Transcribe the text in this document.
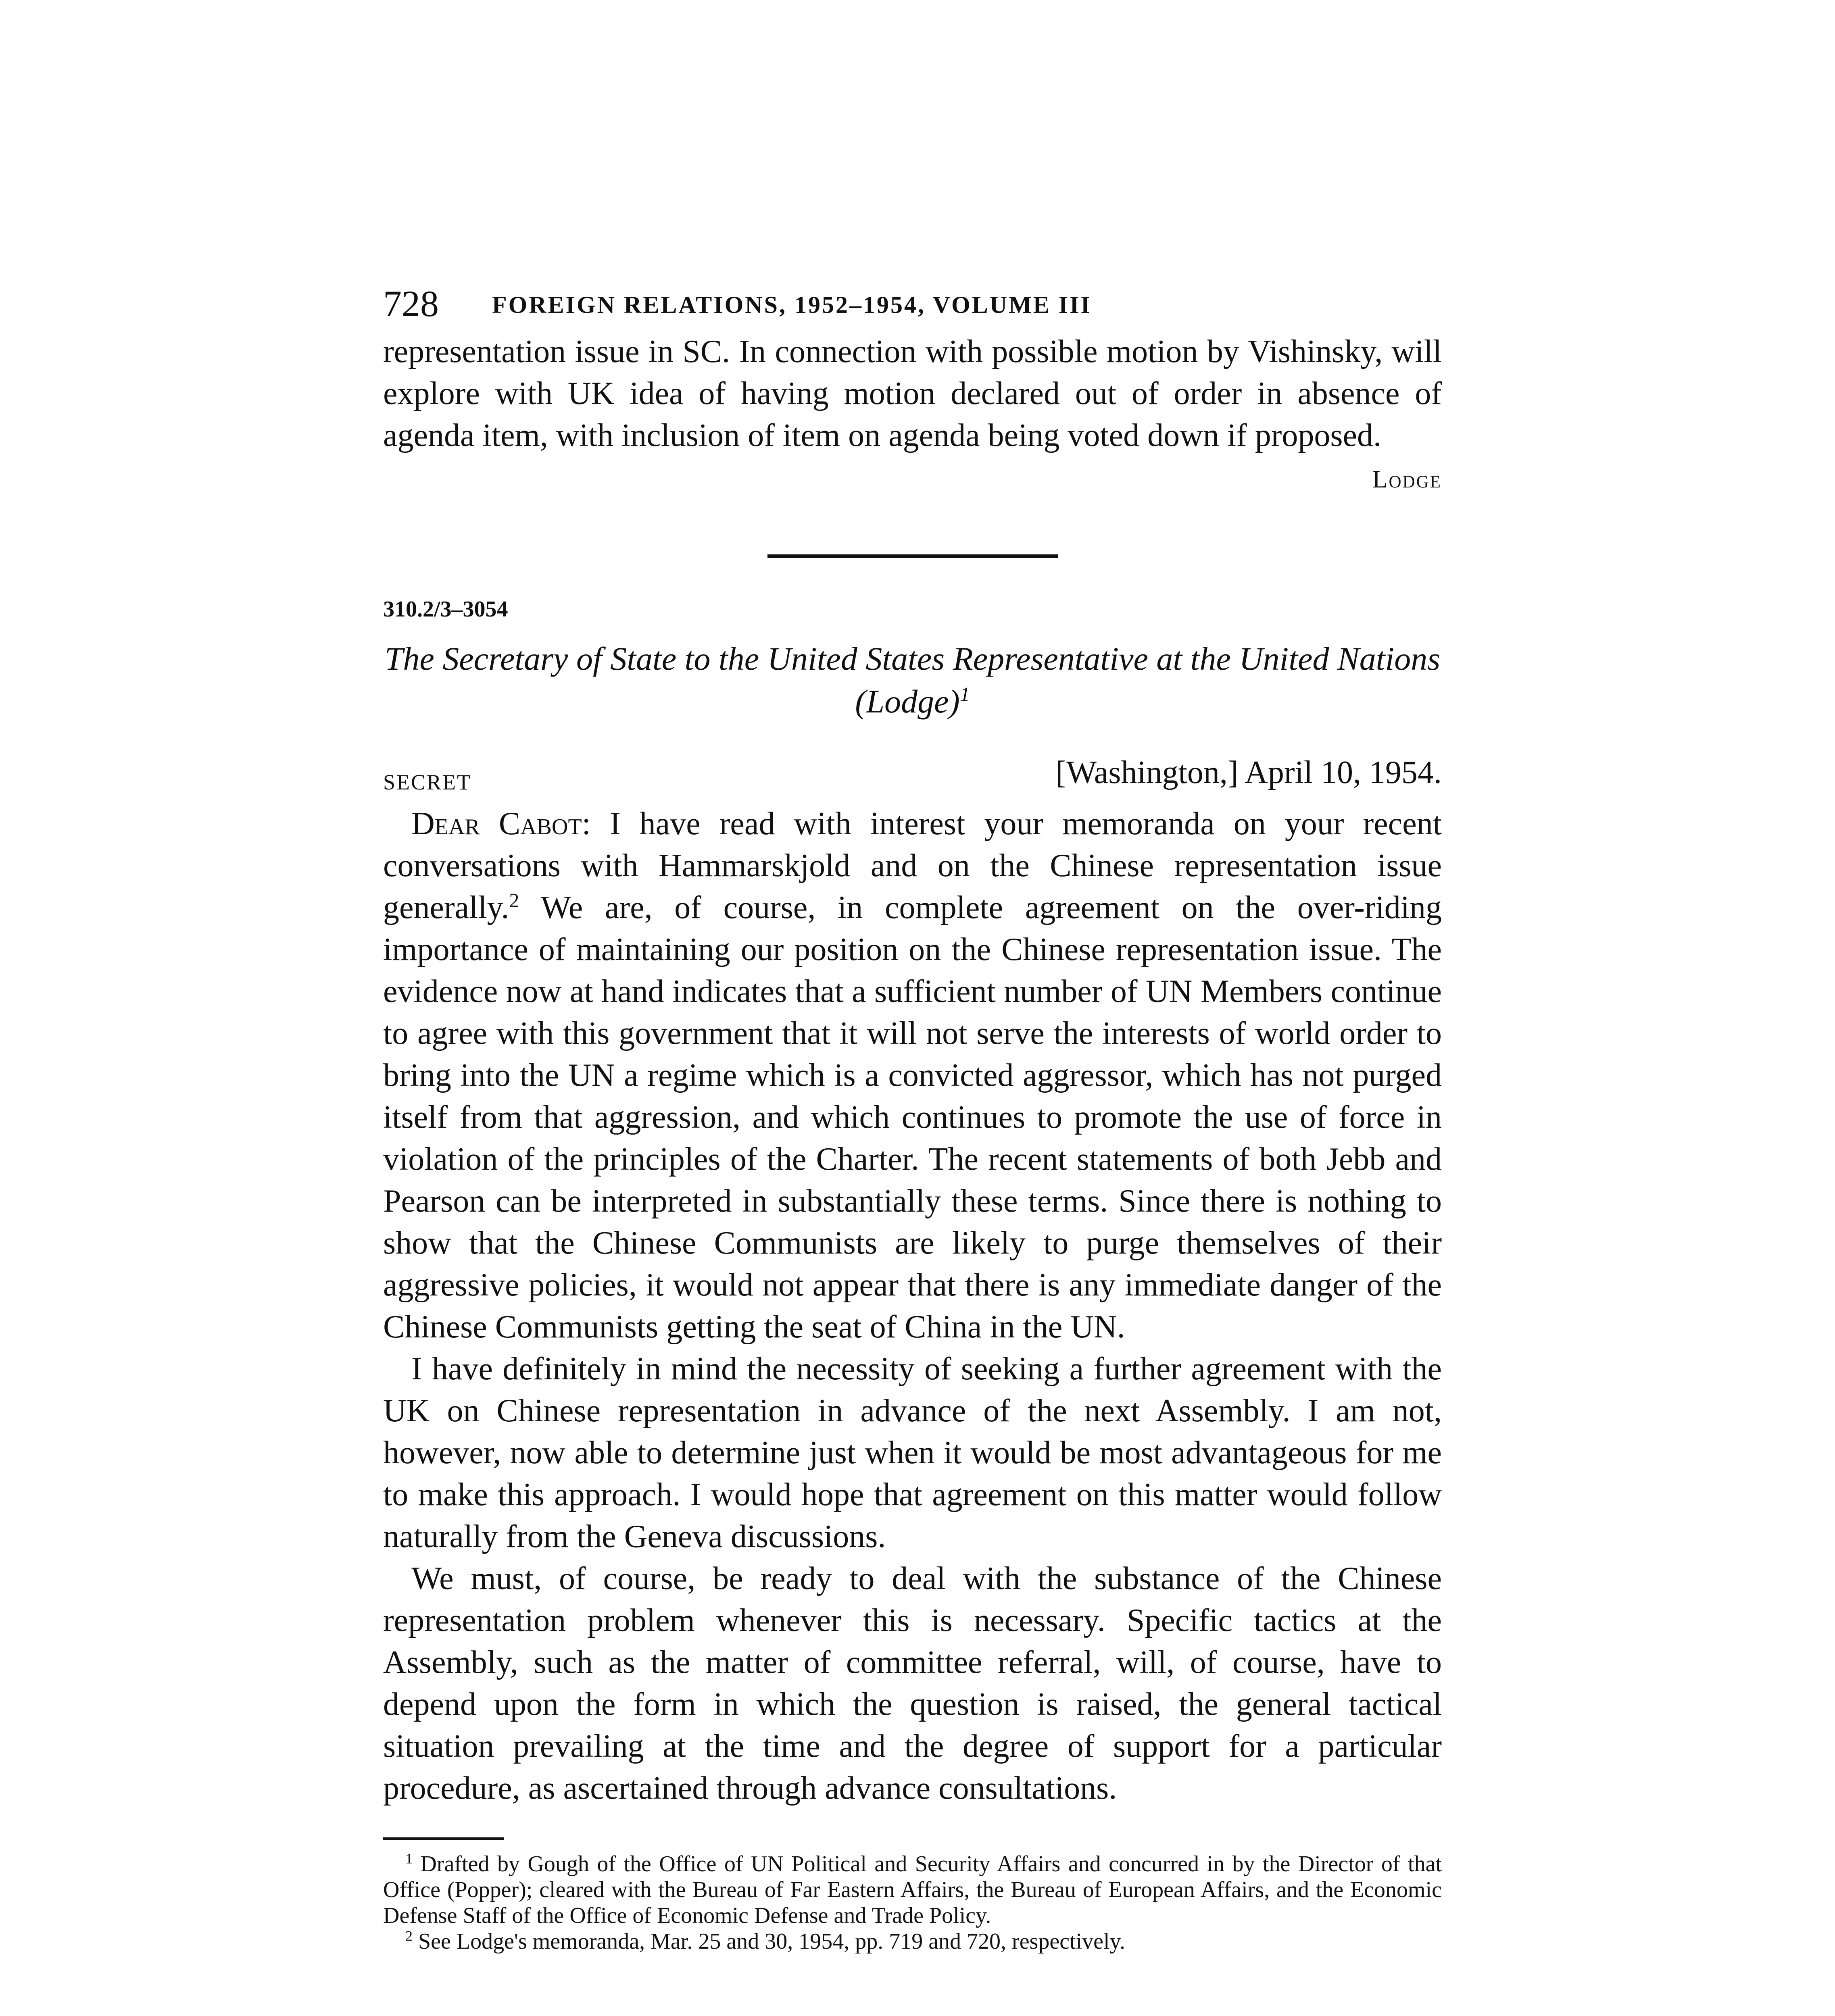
728 FOREIGN RELATIONS, 1952–1954, VOLUME III

representation issue in SC. In connection with possible motion by Vishinsky, will explore with UK idea of having motion declared out of order in absence of agenda item, with inclusion of item on agenda being voted down if proposed.

Lodge

310.2/3–3054

The Secretary of State to the United States Representative at the United Nations (Lodge)$^1$

SECRET	[Washington,] April 10, 1954.

Dear Cabot: I have read with interest your memoranda on your recent conversations with Hammarskjold and on the Chinese representation issue generally.$^2$ We are, of course, in complete agreement on the over-riding importance of maintaining our position on the Chinese representation issue. The evidence now at hand indicates that a sufficient number of UN Members continue to agree with this government that it will not serve the interests of world order to bring into the UN a regime which is a convicted aggressor, which has not purged itself from that aggression, and which continues to promote the use of force in violation of the principles of the Charter. The recent statements of both Jebb and Pearson can be interpreted in substantially these terms. Since there is nothing to show that the Chinese Communists are likely to purge themselves of their aggressive policies, it would not appear that there is any immediate danger of the Chinese Communists getting the seat of China in the UN.

I have definitely in mind the necessity of seeking a further agreement with the UK on Chinese representation in advance of the next Assembly. I am not, however, now able to determine just when it would be most advantageous for me to make this approach. I would hope that agreement on this matter would follow naturally from the Geneva discussions.

We must, of course, be ready to deal with the substance of the Chinese representation problem whenever this is necessary. Specific tactics at the Assembly, such as the matter of committee referral, will, of course, have to depend upon the form in which the question is raised, the general tactical situation prevailing at the time and the degree of support for a particular procedure, as ascertained through advance consultations.

$^1$ Drafted by Gough of the Office of UN Political and Security Affairs and concurred in by the Director of that Office (Popper); cleared with the Bureau of Far Eastern Affairs, the Bureau of European Affairs, and the Economic Defense Staff of the Office of Economic Defense and Trade Policy.

$^2$ See Lodge's memoranda, Mar. 25 and 30, 1954, pp. 719 and 720, respectively.
